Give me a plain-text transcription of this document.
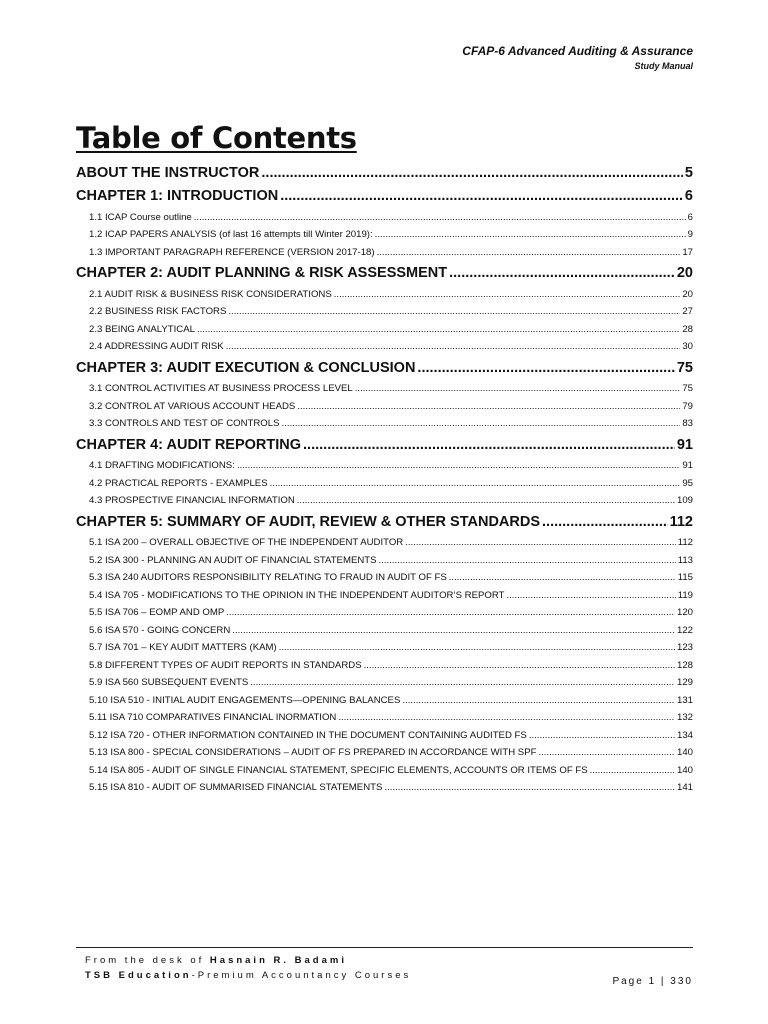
CFAP-6 Advanced Auditing & Assurance
Study Manual
Table of Contents
ABOUT THE INSTRUCTOR .....	5
CHAPTER 1: INTRODUCTION .....	6
1.1 ICAP Course outline .....	6
1.2 ICAP PAPERS ANALYSIS (of last 16 attempts till Winter 2019): .....	9
1.3 IMPORTANT PARAGRAPH REFERENCE (VERSION 2017-18) .....	17
CHAPTER 2: AUDIT PLANNING & RISK ASSESSMENT .....	20
2.1 AUDIT RISK & BUSINESS RISK CONSIDERATIONS .....	20
2.2 BUSINESS RISK FACTORS .....	27
2.3 BEING ANALYTICAL .....	28
2.4 ADDRESSING AUDIT RISK .....	30
CHAPTER 3: AUDIT EXECUTION & CONCLUSION .....	75
3.1 CONTROL ACTIVITIES AT BUSINESS PROCESS LEVEL .....	75
3.2 CONTROL AT VARIOUS ACCOUNT HEADS .....	79
3.3 CONTROLS AND TEST OF CONTROLS .....	83
CHAPTER 4: AUDIT REPORTING .....	91
4.1 DRAFTING MODIFICATIONS: .....	91
4.2 PRACTICAL REPORTS - EXAMPLES .....	95
4.3 PROSPECTIVE FINANCIAL INFORMATION .....	109
CHAPTER 5: SUMMARY OF AUDIT, REVIEW & OTHER STANDARDS .....	112
5.1 ISA 200 – OVERALL OBJECTIVE OF THE INDEPENDENT AUDITOR .....	112
5.2 ISA 300 - PLANNING AN AUDIT OF FINANCIAL STATEMENTS .....	113
5.3 ISA 240 AUDITORS RESPONSIBILITY RELATING TO FRAUD IN AUDIT OF FS .....	115
5.4 ISA 705 - MODIFICATIONS TO THE OPINION IN THE INDEPENDENT AUDITOR’S REPORT .....	119
5.5 ISA 706 – EOMP AND OMP .....	120
5.6 ISA 570 - GOING CONCERN .....	122
5.7 ISA 701 – KEY AUDIT MATTERS (KAM) .....	123
5.8 DIFFERENT TYPES OF AUDIT REPORTS IN STANDARDS .....	128
5.9 ISA 560 SUBSEQUENT EVENTS .....	129
5.10 ISA 510 - INITIAL AUDIT ENGAGEMENTS—OPENING BALANCES .....	131
5.11 ISA 710 COMPARATIVES FINANCIAL INORMATION .....	132
5.12 ISA 720 - OTHER INFORMATION CONTAINED IN THE DOCUMENT CONTAINING AUDITED FS .....	134
5.13 ISA 800 - SPECIAL CONSIDERATIONS – AUDIT OF FS PREPARED IN ACCORDANCE WITH SPF .....	140
5.14 ISA 805 - AUDIT OF SINGLE FINANCIAL STATEMENT, SPECIFIC ELEMENTS, ACCOUNTS OR ITEMS OF FS .....	140
5.15 ISA 810 - AUDIT OF SUMMARISED FINANCIAL STATEMENTS .....	141
From the desk of Hasnain R. Badami
TSB Education-Premium Accountancy Courses
Page 1 | 330
